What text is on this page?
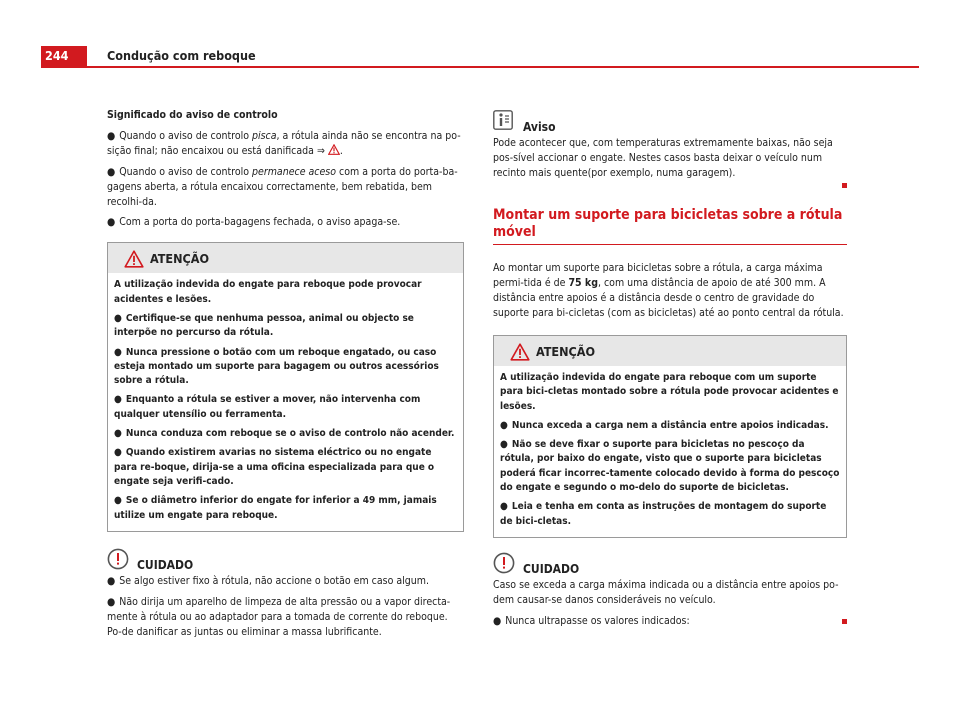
244	Condução com reboque

Significado do aviso de controlo

● Quando o aviso de controlo pisca, a rótula ainda não se encontra na po-sição final; não encaixou ou está danificada ⇒ .

● Quando o aviso de controlo permanece aceso com a porta do porta-ba-gagens aberta, a rótula encaixou correctamente, bem rebatida, bem recolhi-da.

● Com a porta do porta-bagagens fechada, o aviso apaga-se.

ATENÇÃO

A utilização indevida do engate para reboque pode provocar acidentes e lesões.

● Certifique-se que nenhuma pessoa, animal ou objecto se interpõe no percurso da rótula.

● Nunca pressione o botão com um reboque engatado, ou caso esteja montado um suporte para bagagem ou outros acessórios sobre a rótula.

● Enquanto a rótula se estiver a mover, não intervenha com qualquer utensílio ou ferramenta.

● Nunca conduza com reboque se o aviso de controlo não acender.

● Quando existirem avarias no sistema eléctrico ou no engate para re-boque, dirija-se a uma oficina especializada para que o engate seja verifi-cado.

● Se o diâmetro inferior do engate for inferior a 49 mm, jamais utilize um engate para reboque.

CUIDADO

● Se algo estiver fixo à rótula, não accione o botão em caso algum.

● Não dirija um aparelho de limpeza de alta pressão ou a vapor directa-mente à rótula ou ao adaptador para a tomada de corrente do reboque. Po-de danificar as juntas ou eliminar a massa lubrificante.

Aviso

Pode acontecer que, com temperaturas extremamente baixas, não seja pos-sível accionar o engate. Nestes casos basta deixar o veículo num recinto mais quente(por exemplo, numa garagem).

Montar um suporte para bicicletas sobre a rótula móvel

Ao montar um suporte para bicicletas sobre a rótula, a carga máxima permi-tida é de 75 kg, com uma distância de apoio de até 300 mm. A distância entre apoios é a distância desde o centro de gravidade do suporte para bi-cicletas (com as bicicletas) até ao ponto central da rótula.

ATENÇÃO

A utilização indevida do engate para reboque com um suporte para bici-cletas montado sobre a rótula pode provocar acidentes e lesões.

● Nunca exceda a carga nem a distância entre apoios indicadas.

● Não se deve fixar o suporte para bicicletas no pescoço da rótula, por baixo do engate, visto que o suporte para bicicletas poderá ficar incorrec-tamente colocado devido à forma do pescoço do engate e segundo o mo-delo do suporte de bicicletas.

● Leia e tenha em conta as instruções de montagem do suporte de bici-cletas.

CUIDADO

Caso se exceda a carga máxima indicada ou a distância entre apoios po-dem causar-se danos consideráveis no veículo.

● Nunca ultrapasse os valores indicados:
